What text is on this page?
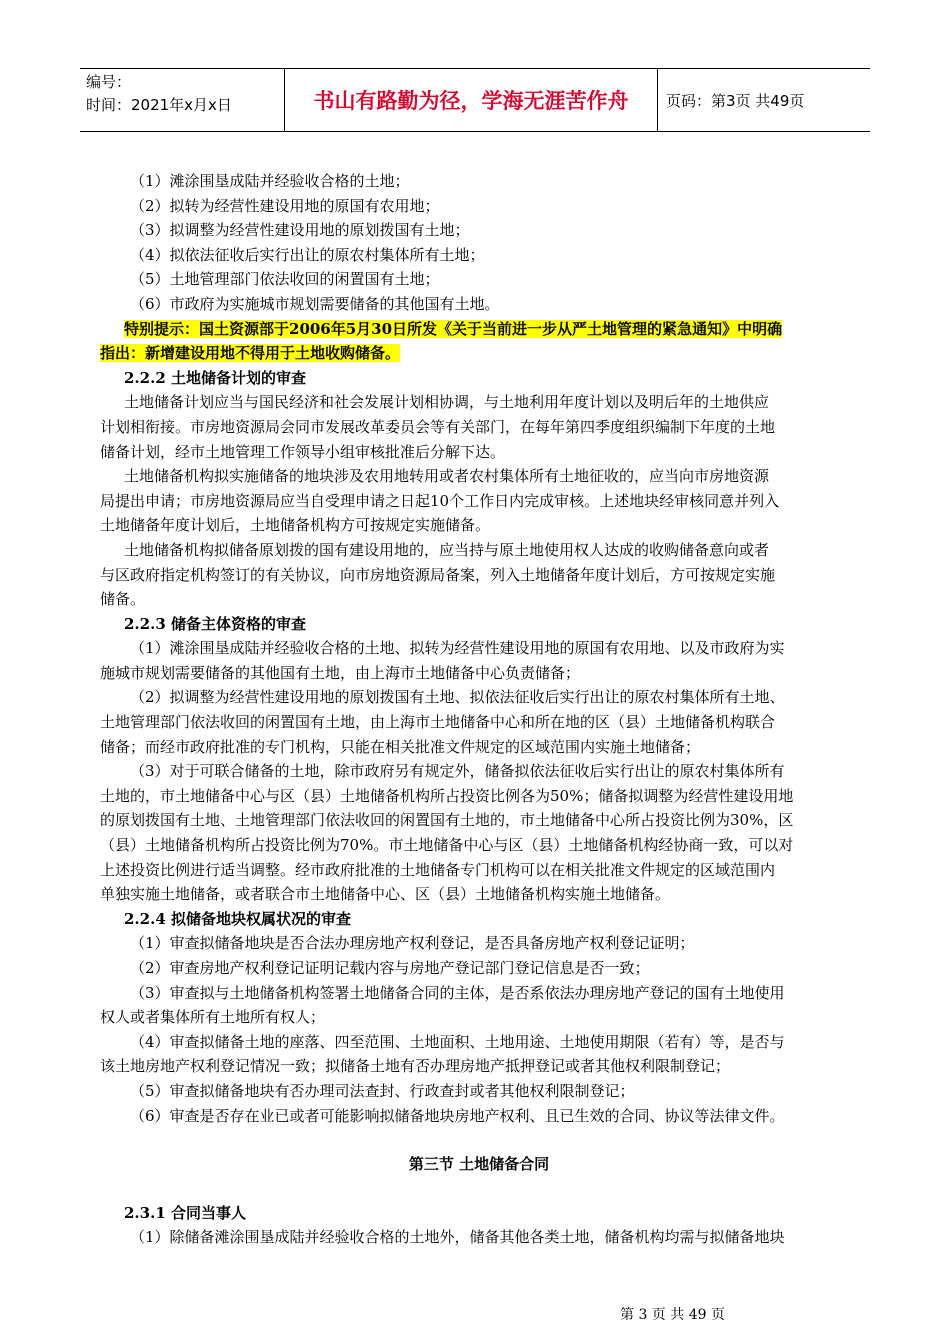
编号：
时间：2021年x月x日	书山有路勤为径，学海无涯苦作舟	页码：第3页 共49页
（1）滩涂围垦成陆并经验收合格的土地；
（2）拟转为经营性建设用地的原国有农用地；
（3）拟调整为经营性建设用地的原划拨国有土地；
（4）拟依法征收后实行出让的原农村集体所有土地；
（5）土地管理部门依法收回的闲置国有土地；
（6）市政府为实施城市规划需要储备的其他国有土地。
特别提示：国土资源部于2006年5月30日所发《关于当前进一步从严土地管理的紧急通知》中明确
指出：新增建设用地不得用于土地收购储备。
2.2.2 土地储备计划的审查
土地储备计划应当与国民经济和社会发展计划相协调，与土地利用年度计划以及明后年的土地供应
计划相衔接。市房地资源局会同市发展改革委员会等有关部门，在每年第四季度组织编制下年度的土地
储备计划，经市土地管理工作领导小组审核批准后分解下达。
土地储备机构拟实施储备的地块涉及农用地转用或者农村集体所有土地征收的，应当向市房地资源
局提出申请；市房地资源局应当自受理申请之日起10个工作日内完成审核。上述地块经审核同意并列入
土地储备年度计划后，土地储备机构方可按规定实施储备。
土地储备机构拟储备原划拨的国有建设用地的，应当持与原土地使用权人达成的收购储备意向或者
与区政府指定机构签订的有关协议，向市房地资源局备案，列入土地储备年度计划后，方可按规定实施
储备。
2.2.3 储备主体资格的审查
（1）滩涂围垦成陆并经验收合格的土地、拟转为经营性建设用地的原国有农用地、以及市政府为实
施城市规划需要储备的其他国有土地，由上海市土地储备中心负责储备；
（2）拟调整为经营性建设用地的原划拨国有土地、拟依法征收后实行出让的原农村集体所有土地、
土地管理部门依法收回的闲置国有土地，由上海市土地储备中心和所在地的区（县）土地储备机构联合
储备；而经市政府批准的专门机构，只能在相关批准文件规定的区域范围内实施土地储备；
（3）对于可联合储备的土地，除市政府另有规定外，储备拟依法征收后实行出让的原农村集体所有
土地的，市土地储备中心与区（县）土地储备机构所占投资比例各为50%；储备拟调整为经营性建设用地
的原划拨国有土地、土地管理部门依法收回的闲置国有土地的，市土地储备中心所占投资比例为30%，区
（县）土地储备机构所占投资比例为70%。市土地储备中心与区（县）土地储备机构经协商一致，可以对
上述投资比例进行适当调整。经市政府批准的土地储备专门机构可以在相关批准文件规定的区域范围内
单独实施土地储备，或者联合市土地储备中心、区（县）土地储备机构实施土地储备。
2.2.4 拟储备地块权属状况的审查
（1）审查拟储备地块是否合法办理房地产权利登记，是否具备房地产权利登记证明；
（2）审查房地产权利登记证明记载内容与房地产登记部门登记信息是否一致；
（3）审查拟与土地储备机构签署土地储备合同的主体，是否系依法办理房地产登记的国有土地使用
权人或者集体所有土地所有权人；
（4）审查拟储备土地的座落、四至范围、土地面积、土地用途、土地使用期限（若有）等，是否与
该土地房地产权利登记情况一致；拟储备土地有否办理房地产抵押登记或者其他权利限制登记；
（5）审查拟储备地块有否办理司法查封、行政查封或者其他权利限制登记；
（6）审查是否存在业已或者可能影响拟储备地块房地产权利、且已生效的合同、协议等法律文件。
第三节 土地储备合同
2.3.1 合同当事人
（1）除储备滩涂围垦成陆并经验收合格的土地外，储备其他各类土地，储备机构均需与拟储备地块
第 3 页 共 49 页
